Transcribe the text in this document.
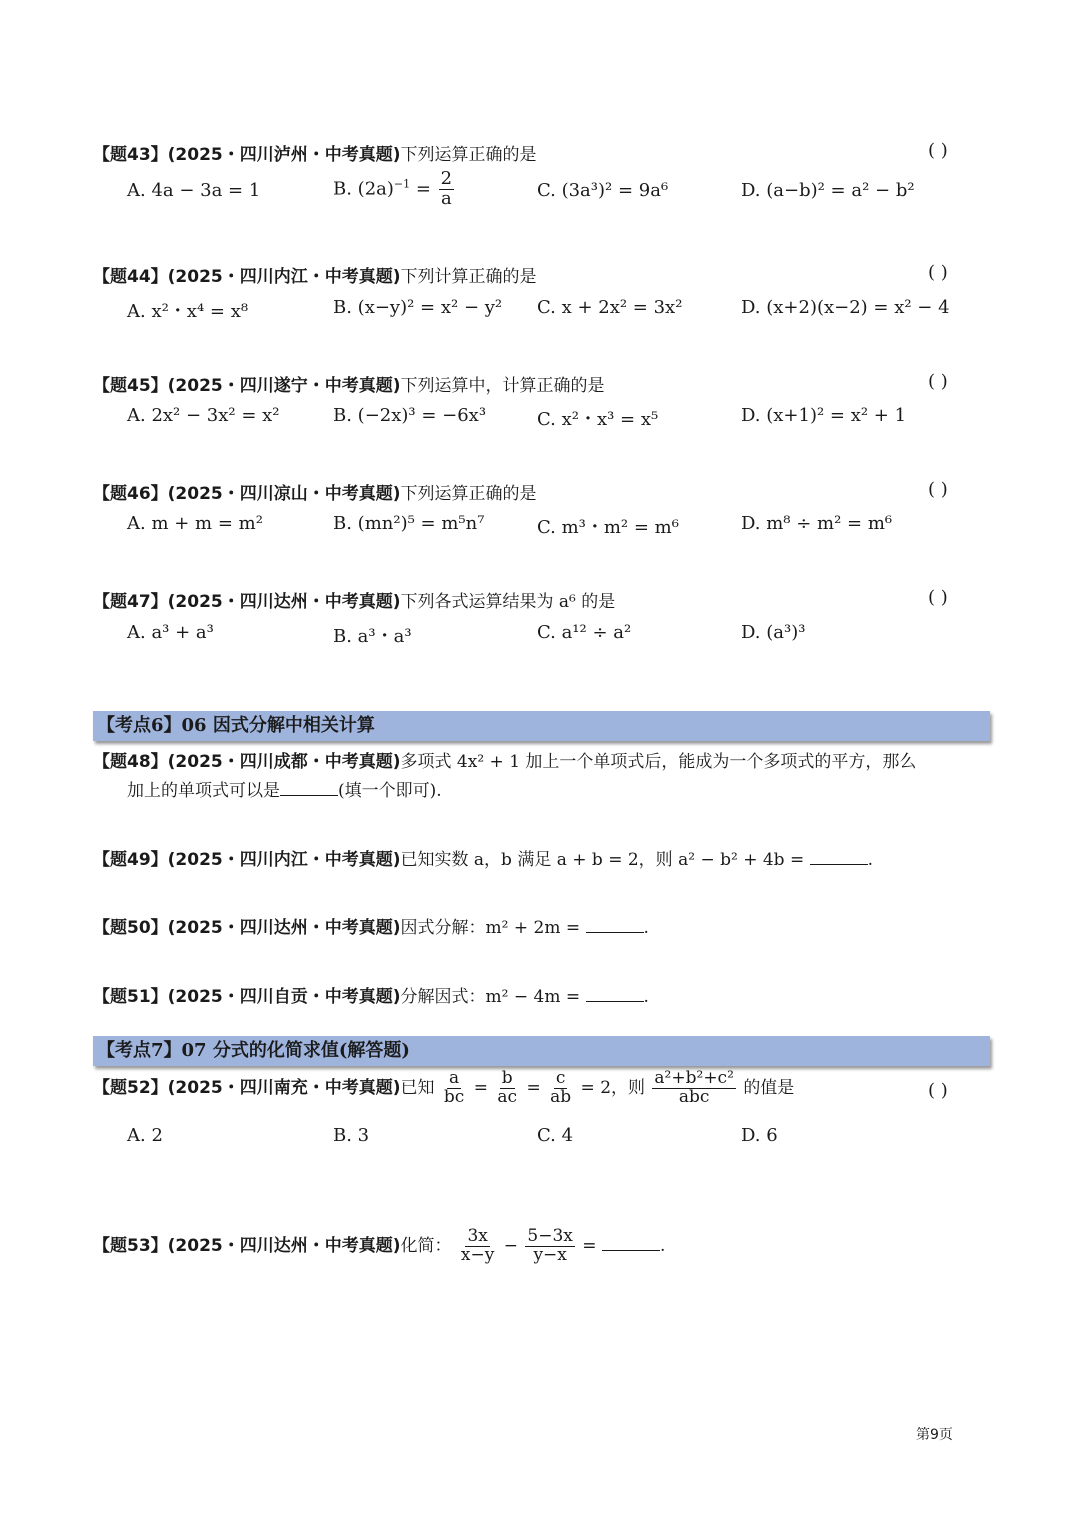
【题43】(2025・四川泸州・中考真题)下列运算正确的是	( )
A. 4a − 3a = 1	B. $(2a)^{-1} = \frac{2}{a}$	C. (3a³)² = 9a⁶	D. (a−b)² = a² − b²
【题44】(2025・四川内江・中考真题)下列计算正确的是	( )
A. x²・x⁴ = x⁸	B. (x−y)² = x² − y² C. x + 2x² = 3x²	D. (x+2)(x−2) = x² − 4
【题45】(2025・四川遂宁・中考真题)下列运算中，计算正确的是	( )
A. 2x² − 3x² = x²	B. (−2x)³ = −6x³	C. x²・x³ = x⁵	D. (x+1)² = x² + 1
【题46】(2025・四川凉山・中考真题)下列运算正确的是	( )
A. m + m = m²	B. (mn²)⁵ = m⁵n⁷	C. m³・m² = m⁶	D. m⁸ ÷ m² = m⁶
【题47】(2025・四川达州・中考真题)下列各式运算结果为 a⁶ 的是	( )
A. a³ + a³	B. a³・a³	C. a¹² ÷ a²	D. (a³)³
【考点6】06 因式分解中相关计算
【题48】(2025・四川成都・中考真题)多项式 4x² + 1 加上一个单项式后，能成为一个多项式的平方，那么
加上的单项式可以是	(填一个即可).
【题49】(2025・四川内江・中考真题)已知实数 a，b 满足 a + b = 2，则 a² − b² + 4b =	.
【题50】(2025・四川达州・中考真题)因式分解：m² + 2m =	.
【题51】(2025・四川自贡・中考真题)分解因式：m² − 4m =	.
【考点7】07 分式的化简求值(解答题)
【题52】(2025・四川南充・中考真题)已知 $\frac{a}{bc} = \frac{b}{ac} = \frac{c}{ab} = 2$，则 $\frac{\text{a²+b²+c²}}{\text{abc}}$ 的值是	( )
A. 2	B. 3	C. 4	D. 6
【题53】(2025・四川达州・中考真题)化简： $\frac{3x}{x-y} - \frac{5-3x}{y-x}$ =	.
第9页
